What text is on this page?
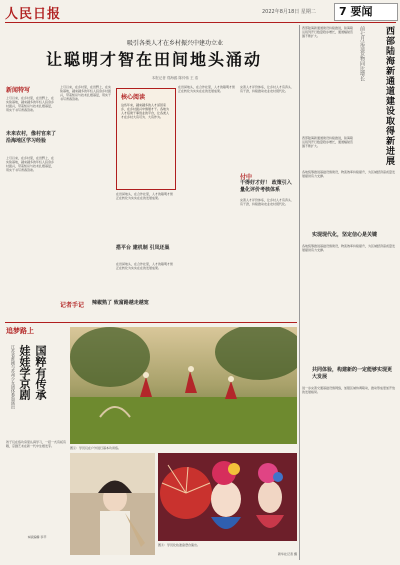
人民日报	2022年8月18日 星期二	7 要闻
吸引各类人才在乡村振兴中建功立业
让聪明才智在田间地头涌动
本报记者 郑海鸥 陈仲伟 王 浩
新闻特写
上月以来，在乡村里，在田野上，在实验基地，越来越多的年轻人投身乡村振兴，带着知识与技术扎根基层，用实干书写青春答卷。
未来农村，像村官来了 沿海地区学习经验
上月以来，在乡村里，在田野上，在实验基地，越来越多的年轻人投身乡村振兴，带着知识与技术扎根基层，用实干书写青春答卷。
上月以来，在乡村里，在田野上，在实验基地，越来越多的年轻人投身乡村振兴，带着知识与技术扎根基层，用实干书写青春答卷。	核心阅读
这些年来，越来越多的人才返回家乡，在乡村振兴中施展才干。各地为人才搭建干事创业的平台，让各类人才在乡村大有可为、大有作为。
在田间地头，在合作社里，人才的聪明才智正在转化为实实在在的发展成果。
搭平台 建机制 引凤还巢
在田间地头，在合作社里，人才的聪明才智正在转化为实实在在的发展成果。
在田间地头，在合作社里，人才的聪明才智正在转化为实实在在的发展成果。
记者手记 辣椒熟了 致富路越走越宽
付中
干得好才好！ 政策引入量化评价考核体系
完善人才评价体系，让乡村人才有奔头、有干劲，持续推动农业农村现代化。
完善人才评价体系，让乡村人才有奔头、有干劲，持续推动农业农村现代化。
西部陆海新通道建设持续推进，铁海联运班列开行数量稳步增长，通道辐射范围不断扩大。	前七月运送货物同比增长	西部陆海新通道建设取得新进展
西部陆海新通道建设持续推进，铁海联运班列开行数量稳步增长，通道辐射范围不断扩大。
各地统筹推进基础设施建设，物流效率持续提升，为区域经济高质量发展提供有力支撑。
实现现代化，坚定信心是关键
各地统筹推进基础设施建设，物流效率持续提升，为区域经济高质量发展提供有力支撑。
共同体验，构建新的一定能够实现更大发展
进一步完善交通基础设施网络，加强区域协调联动，推动形成更加开放的发展格局。
追梦路上
江苏省淮剧与苏州少女团体参加演出 娃娃学京剧 国粹有传承
孩子们在练功房里认真学习，一招一式有板有眼，京剧艺术在新一代中生根发芽。
本版编辑 李平
图①：学员们在户外进行基本功训练。
图②：学员化妆准备登台演出。
新华社记者 摄
